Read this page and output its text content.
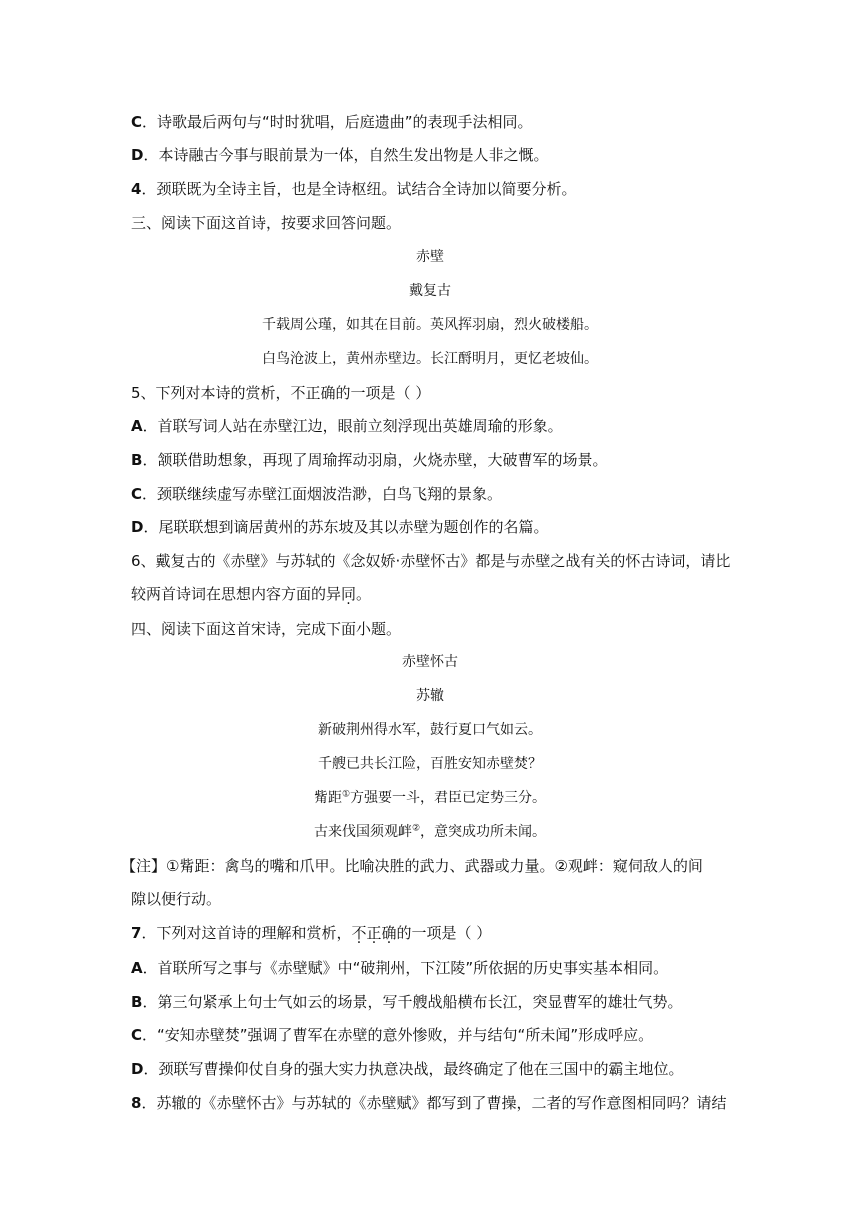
C．诗歌最后两句与“时时犹唱，后庭遗曲”的表现手法相同。
D．本诗融古今事与眼前景为一体，自然生发出物是人非之慨。
4．颈联既为全诗主旨，也是全诗枢纽。试结合全诗加以简要分析。
三、阅读下面这首诗，按要求回答问题。
赤壁
戴复古
千载周公瑾，如其在目前。英风挥羽扇，烈火破楼船。
白鸟沧波上，黄州赤壁边。长江酹明月，更忆老坡仙。
5、下列对本诗的赏析，不正确的一项是（ ）
A．首联写词人站在赤壁江边，眼前立刻浮现出英雄周瑜的形象。
B．颔联借助想象，再现了周瑜挥动羽扇，火烧赤壁，大破曹军的场景。
C．颈联继续虚写赤壁江面烟波浩渺，白鸟飞翔的景象。
D．尾联联想到谪居黄州的苏东坡及其以赤壁为题创作的名篇。
6、戴复古的《赤壁》与苏轼的《念奴娇·赤壁怀古》都是与赤壁之战有关的怀古诗词，请比
较两首诗词在思想内容方面的异同。
四、阅读下面这首宋诗，完成下面小题。
赤壁怀古
苏辙
新破荆州得水军，鼓行夏口气如云。
千艘已共长江险，百胜安知赤壁焚？
觜距①方强要一斗，君臣已定势三分。
古来伐国须观衅②，意突成功所未闻。
【注】①觜距：禽鸟的嘴和爪甲。比喻决胜的武力、武器或力量。②观衅：窥伺敌人的间
隙以便行动。
7．下列对这首诗的理解和赏析，不正确的一项是（ ）
A．首联所写之事与《赤壁赋》中“破荆州，下江陵”所依据的历史事实基本相同。
B．第三句紧承上句士气如云的场景，写千艘战船横布长江，突显曹军的雄壮气势。
C．“安知赤壁焚”强调了曹军在赤壁的意外惨败，并与结句“所未闻”形成呼应。
D．颈联写曹操仰仗自身的强大实力执意决战，最终确定了他在三国中的霸主地位。
8．苏辙的《赤壁怀古》与苏轼的《赤壁赋》都写到了曹操，二者的写作意图相同吗？请结
